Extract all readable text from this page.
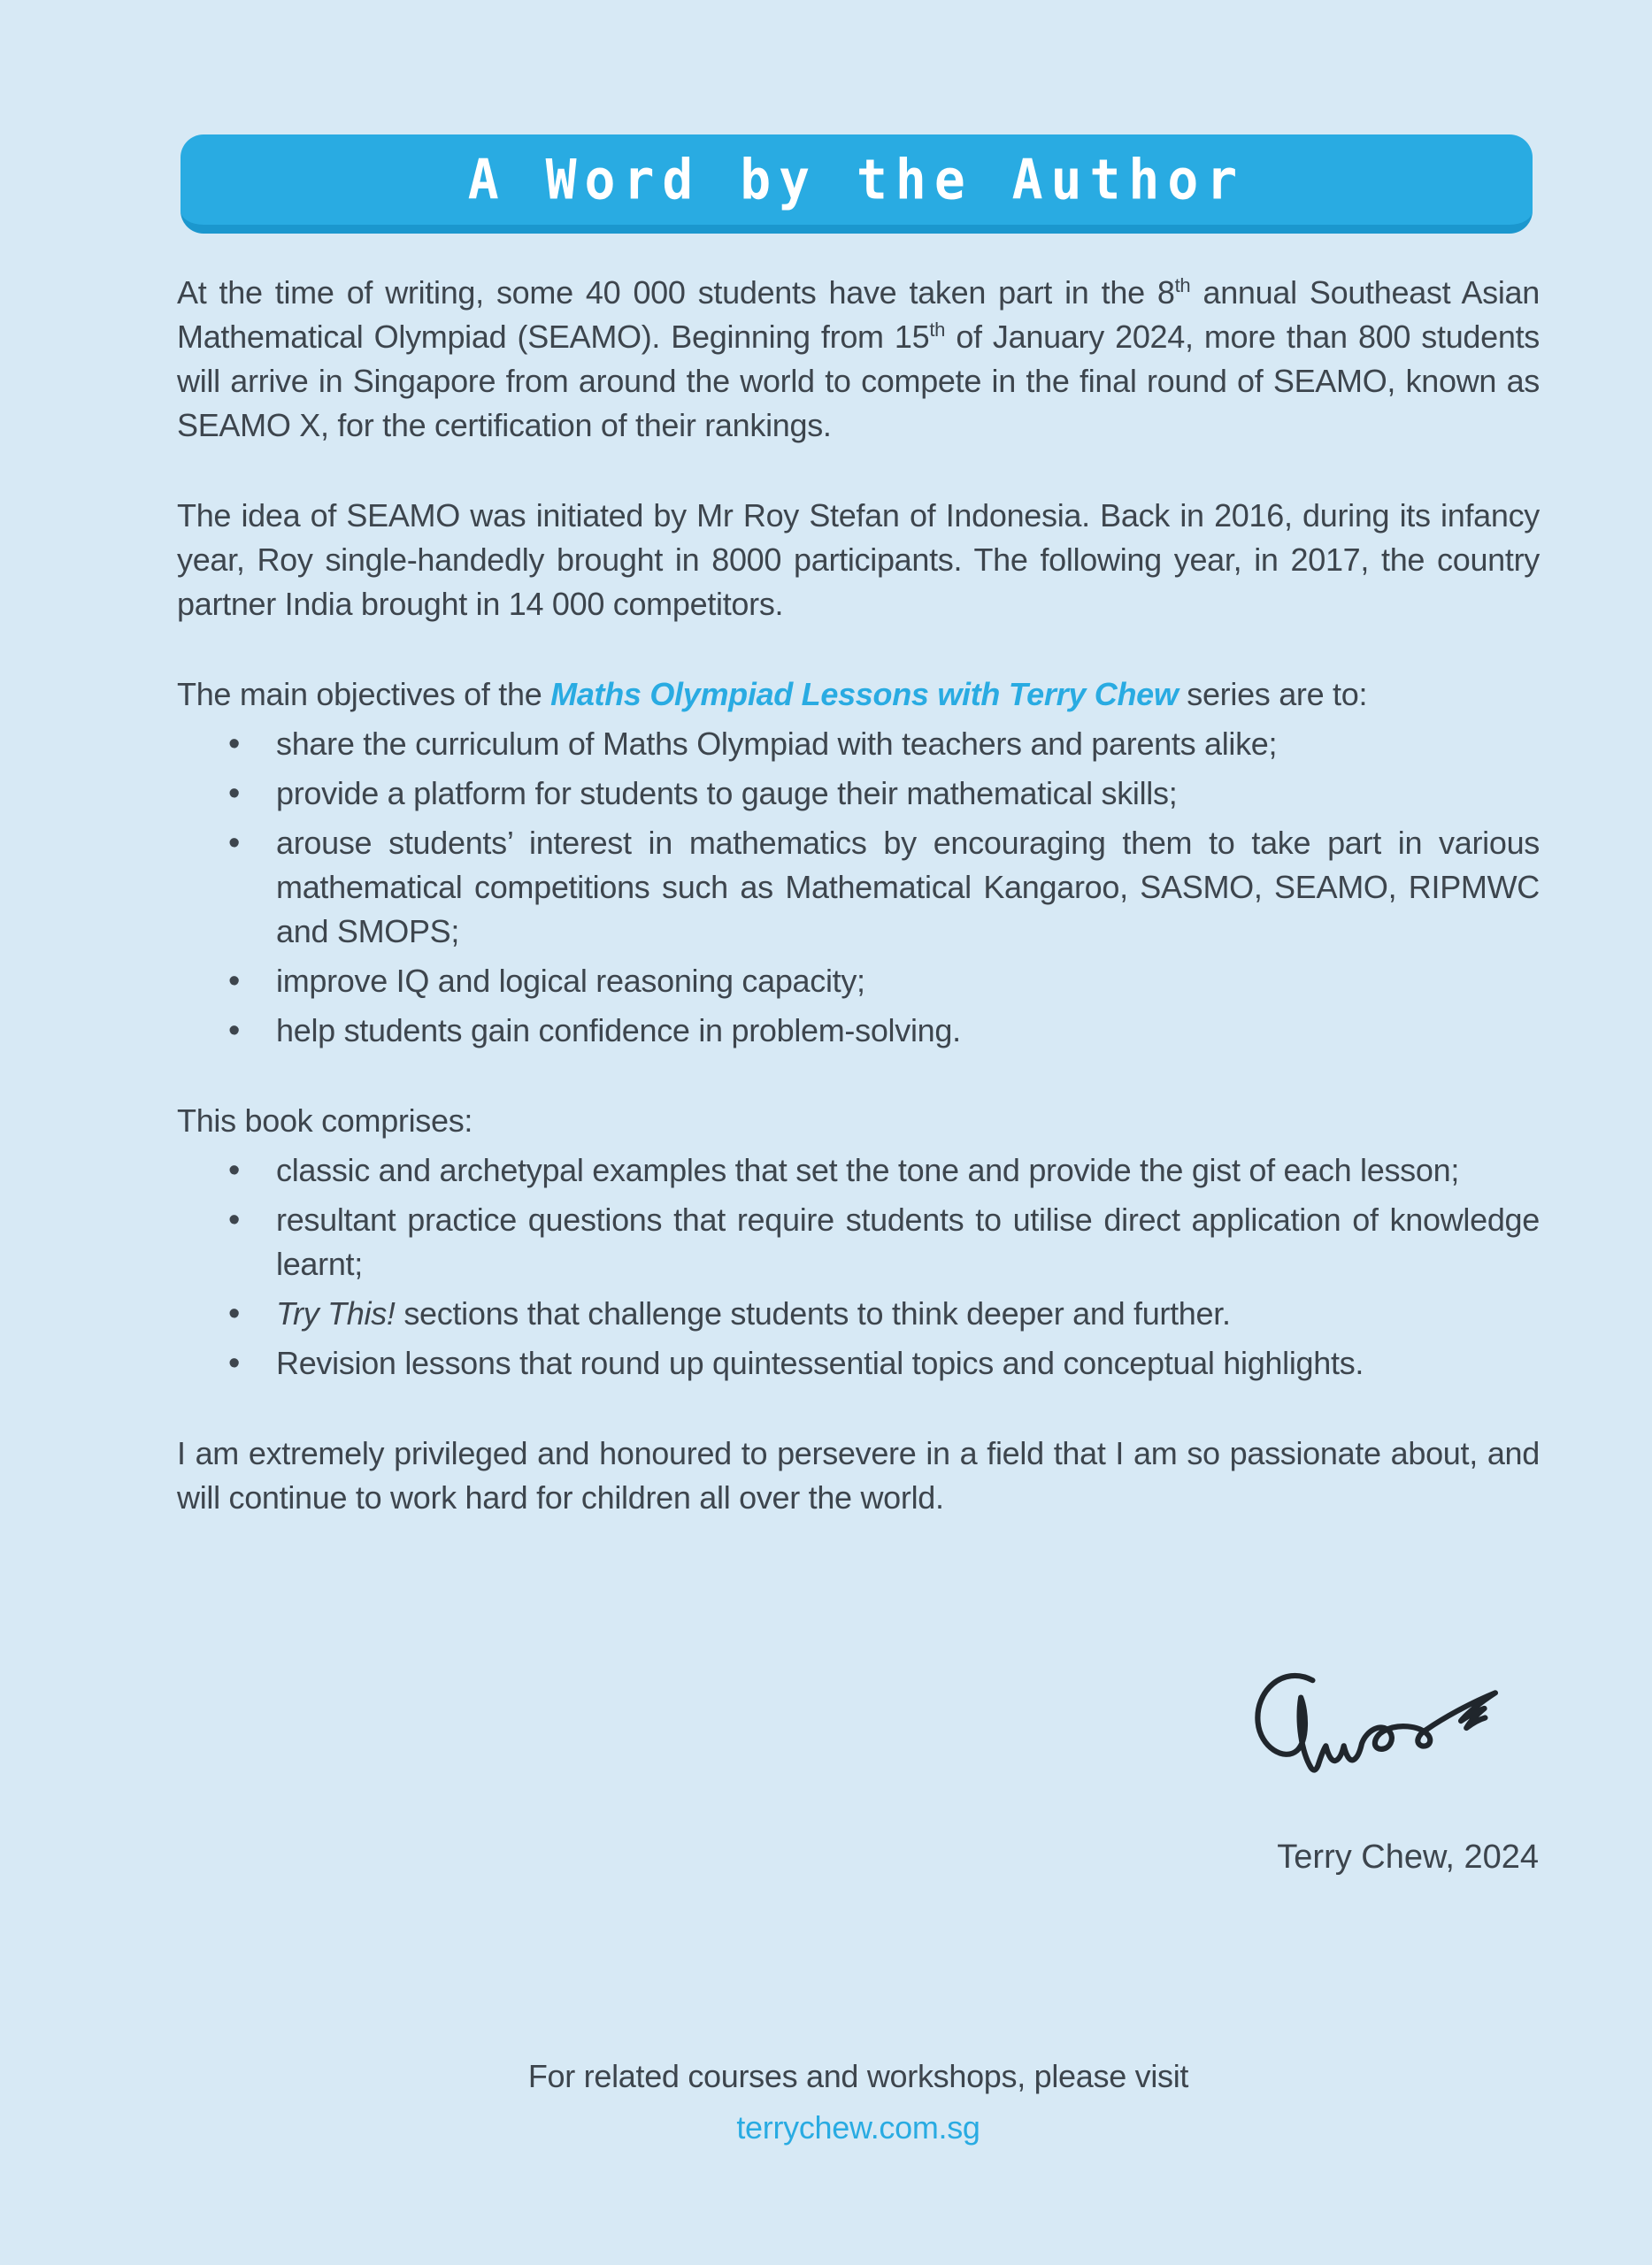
A Word by the Author

At the time of writing, some 40 000 students have taken part in the 8th annual Southeast Asian Mathematical Olympiad (SEAMO). Beginning from 15th of January 2024, more than 800 students will arrive in Singapore from around the world to compete in the final round of SEAMO, known as SEAMO X, for the certification of their rankings.

The idea of SEAMO was initiated by Mr Roy Stefan of Indonesia. Back in 2016, during its infancy year, Roy single-handedly brought in 8000 participants. The following year, in 2017, the country partner India brought in 14 000 competitors.

The main objectives of the Maths Olympiad Lessons with Terry Chew series are to:

• share the curriculum of Maths Olympiad with teachers and parents alike;
• provide a platform for students to gauge their mathematical skills;
• arouse students’ interest in mathematics by encouraging them to take part in various mathematical competitions such as Mathematical Kangaroo, SASMO, SEAMO, RIPMWC and SMOPS;
• improve IQ and logical reasoning capacity;
• help students gain confidence in problem-solving.

This book comprises:

• classic and archetypal examples that set the tone and provide the gist of each lesson;
• resultant practice questions that require students to utilise direct application of knowledge learnt;
• Try This! sections that challenge students to think deeper and further.
• Revision lessons that round up quintessential topics and conceptual highlights.

I am extremely privileged and honoured to persevere in a field that I am so passionate about, and will continue to work hard for children all over the world.

Terry Chew, 2024
For related courses and workshops, please visit
terrychew.com.sg
